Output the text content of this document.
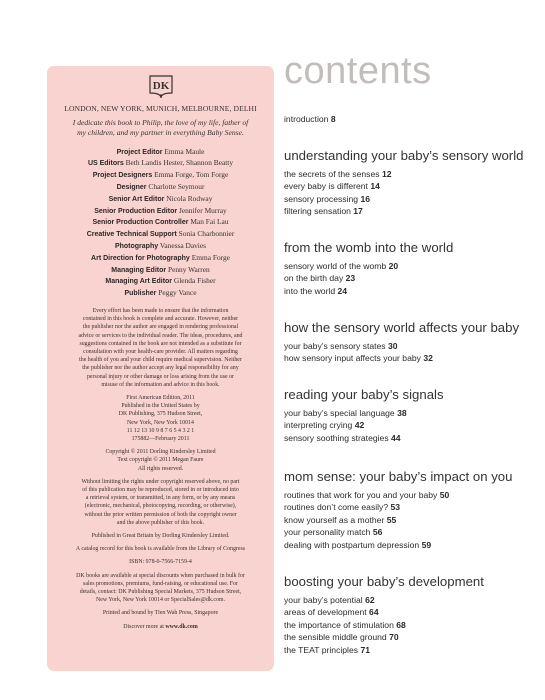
DK
LONDON, NEW YORK, MUNICH, MELBOURNE, DELHI
I dedicate this book to Philip, the love of my life, father of
my children, and my partner in everything Baby Sense.
Project Editor Emma Maule
US Editors Beth Landis Hester, Shannon Beatty
Project Designers Emma Forge, Tom Forge
Designer Charlotte Seymour
Senior Art Editor Nicola Rodway
Senior Production Editor Jennifer Murray
Senior Production Controller Man Fai Lau
Creative Technical Support Sonia Charbonnier
Photography Vanessa Davies
Art Direction for Photography Emma Forge
Managing Editor Penny Warren
Managing Art Editor Glenda Fisher
Publisher Peggy Vance
Every effort has been made to ensure that the information
contained in this book is complete and accurate. However, neither
the publisher nor the author are engaged in rendering professional
advice or services to the individual reader. The ideas, procedures, and
suggestions contained in the book are not intended as a substitute for
consultation with your health-care provider. All matters regarding
the health of you and your child require medical supervision. Neither
the publisher nor the author accept any legal responsibility for any
personal injury or other damage or loss arising from the use or
misuse of the information and advice in this book.
First American Edition, 2011
Published in the United States by
DK Publishing, 375 Hudson Street,
New York, New York 10014
11 12 13 10 9 8 7 6 5 4 3 2 1
175882—February 2011
Copyright © 2011 Dorling Kindersley Limited
Text copyright © 2011 Megan Faure
All rights reserved.
Without limiting the rights under copyright reserved above, no part
of this publication may be reproduced, stored in or introduced into
a retrieval system, or transmitted, in any form, or by any means
(electronic, mechanical, photocopying, recording, or otherwise),
without the prior written permission of both the copyright owner
and the above publisher of this book.
Published in Great Britain by Dorling Kindersley Limited.
A catalog record for this book is available from the Library of Congress
ISBN: 978-0-7566-7159-4
DK books are available at special discounts when purchased in bulk for
sales promotions, premiums, fund-raising, or educational use. For
details, contact: DK Publishing Special Markets, 375 Hudson Street,
New York, New York 10014 or SpecialSales@dk.com.
Printed and bound by Tien Wah Press, Singapore
Discover more at www.dk.com
contents
introduction 8
understanding your baby’s sensory world
the secrets of the senses 12
every baby is different 14
sensory processing 16
filtering sensation 17
from the womb into the world
sensory world of the womb 20
on the birth day 23
into the world 24
how the sensory world affects your baby
your baby’s sensory states 30
how sensory input affects your baby 32
reading your baby’s signals
your baby’s special language 38
interpreting crying 42
sensory soothing strategies 44
mom sense: your baby’s impact on you
routines that work for you and your baby 50
routines don’t come easily? 53
know yourself as a mother 55
your personality match 56
dealing with postpartum depression 59
boosting your baby’s development
your baby’s potential 62
areas of development 64
the importance of stimulation 68
the sensible middle ground 70
the TEAT principles 71
